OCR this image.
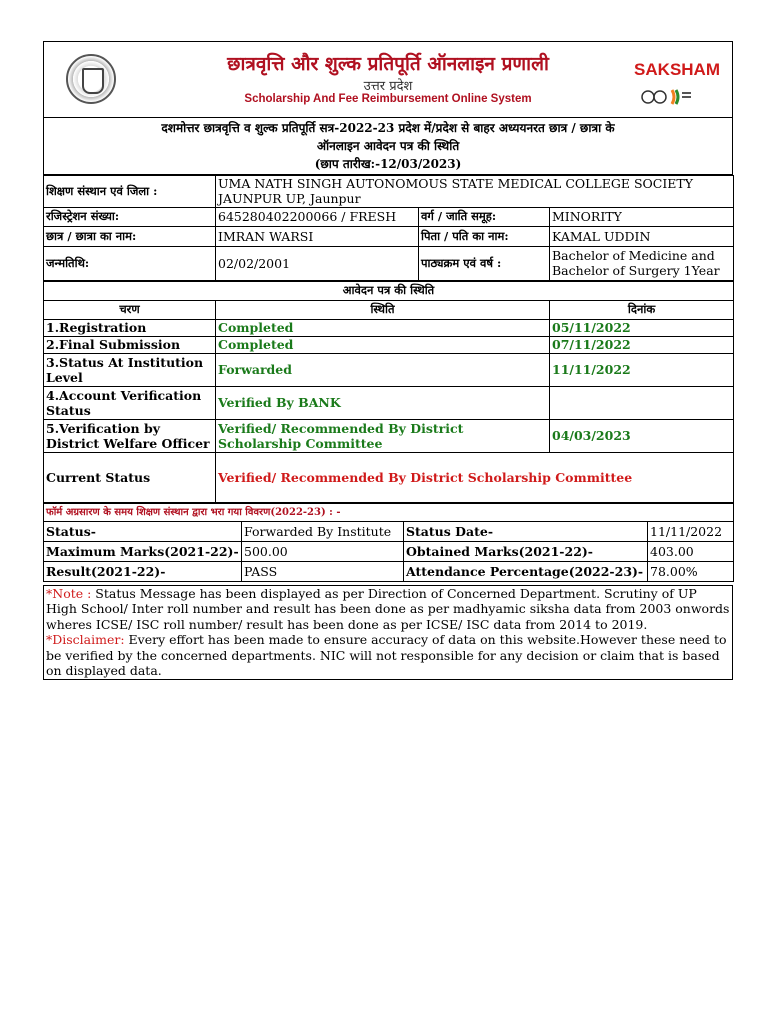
छात्रवृत्ति और शुल्क प्रतिपूर्ति ऑनलाइन प्रणाली
उत्तर प्रदेश
Scholarship And Fee Reimbursement Online System
SAKSHAM
दशमोत्तर छात्रवृत्ति व शुल्क प्रतिपूर्ति सत्र-2022-23 प्रदेश में/प्रदेश से बाहर अध्ययनरत छात्र / छात्रा के
ऑनलाइन आवेदन पत्र की स्थिति
(छाप तारीख:-12/03/2023)
शिक्षण संस्थान एवं जिला :	UMA NATH SINGH AUTONOMOUS STATE MEDICAL COLLEGE SOCIETY JAUNPUR UP, Jaunpur		
रजिस्ट्रेशन संख्या:	645280402200066 / FRESH	वर्ग / जाति समूह:	MINORITY
छात्र / छात्रा का नाम:	IMRAN WARSI	पिता / पति का नाम:	KAMAL UDDIN
जन्मतिथि:	02/02/2001	पाठ्यक्रम एवं वर्ष :	Bachelor of Medicine and Bachelor of Surgery 1Year
आवेदन पत्र की स्थिति		
चरण	स्थिति	दिनांक
1.Registration	Completed	05/11/2022
2.Final Submission	Completed	07/11/2022
3.Status At Institution Level	Forwarded	11/11/2022
4.Account Verification Status	Verified By BANK	
5.Verification by District Welfare Officer	Verified/ Recommended By District Scholarship Committee	04/03/2023
Current Status	Verified/ Recommended By District Scholarship Committee	
फॉर्म अग्रसारण के समय शिक्षण संस्थान द्वारा भरा गया विवरण(2022-23) : -			
Status-	Forwarded By Institute	Status Date-	11/11/2022
Maximum Marks(2021-22)-	500.00	Obtained Marks(2021-22)-	403.00
Result(2021-22)-	PASS	Attendance Percentage(2022-23)-	78.00%
*Note : Status Message has been displayed as per Direction of Concerned Department. Scrutiny of UP High School/ Inter roll number and result has been done as per madhyamic siksha data from 2003 onwords wheres ICSE/ ISC roll number/ result has been done as per ICSE/ ISC data from 2014 to 2019.
*Disclaimer: Every effort has been made to ensure accuracy of data on this website.However these need to be verified by the concerned departments. NIC will not responsible for any decision or claim that is based on displayed data.
